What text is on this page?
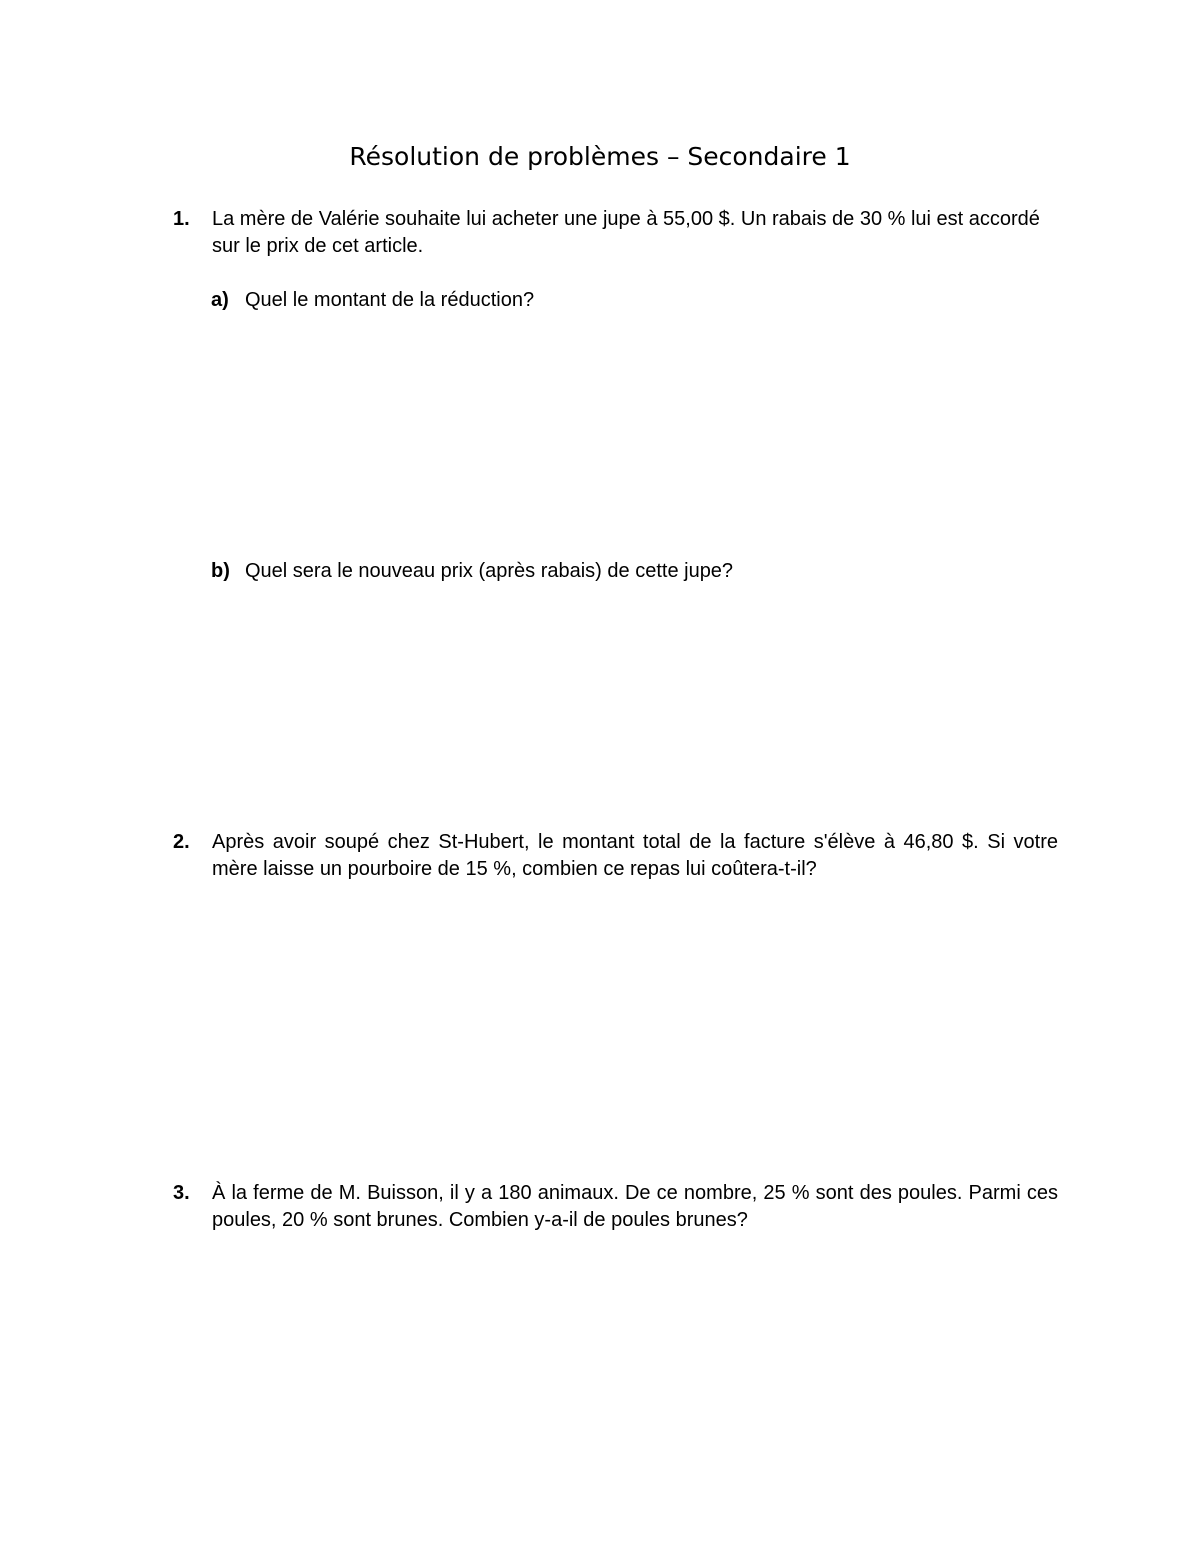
Résolution de problèmes – Secondaire 1
1. La mère de Valérie souhaite lui acheter une jupe à 55,00 $. Un rabais de 30 % lui est accordé sur le prix de cet article.
a) Quel le montant de la réduction?
b) Quel sera le nouveau prix (après rabais) de cette jupe?
2. Après avoir soupé chez St-Hubert, le montant total de la facture s'élève à 46,80 $. Si votre mère laisse un pourboire de 15 %, combien ce repas lui coûtera-t-il?
3. À la ferme de M. Buisson, il y a 180 animaux. De ce nombre, 25 % sont des poules. Parmi ces poules, 20 % sont brunes. Combien y-a-il de poules brunes?
